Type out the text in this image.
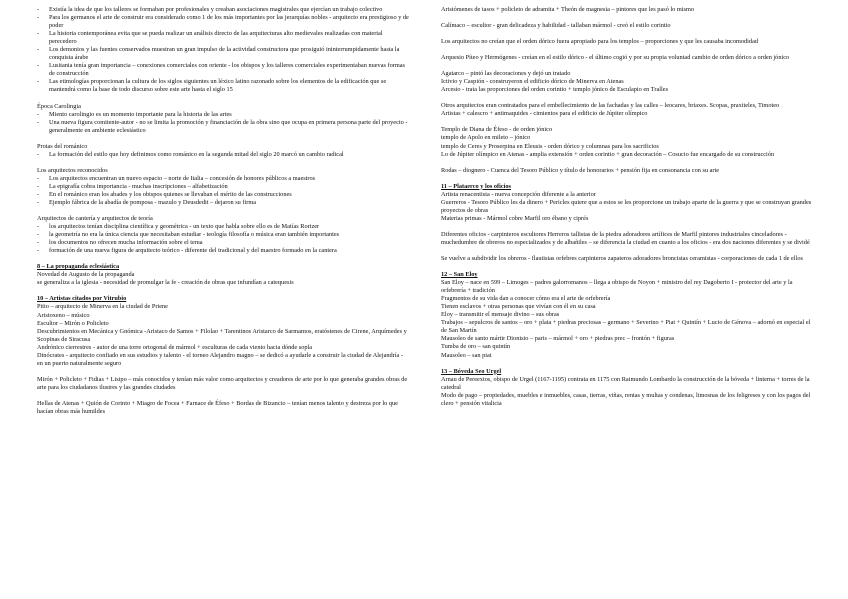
- Existía la idea de que los talleres se formaban por profesionales y creaban asociaciones magistrales que ejercían un trabajo colectivo
- Para los germanos el arte de construir era considerado como 1 de los más importantes por las jerarquías nobles - arquitecto era prestigioso y de poder
- La historia contemporánea evita que se pueda realizar un análisis directo de las arquitecturas alto medievales realizadas con material perecedero
- Los demonios y las fuentes conservados muestran un gran impulso de la actividad constructora que prosiguió ininterrumpidamente hasta la conquista árabe
- Lusitania tenía gran importancia – conexiones comerciales con oriente - los obispos y los talleres comerciales experimentaban nuevas formas de construcción
- Las etimologías proporcionan la cultura de los siglos siguientes un léxico latino razonado sobre los elementos de la edificación que se mantendrá como la base de todo discurso sobre este arte hasta el siglo 15

Época Carolingia

- Miento carolingio es un momento importante para la historia de las artes
- Una nueva figura comitente-autor - no se limita la promoción y financiación de la obra sino que ocupa en primera persona parte del proyecto - generalmente en ambiente eclesiástico

Protas del románico

- La formación del estilo que hoy definimos como románico en la segunda mitad del siglo 20 marcó un cambio radical

Los arquitectos reconocidos

- Los arquitectos encuentran un nuevo espacio – norte de Italia – concesión de honores públicos a maestros
- La epigrafía cobra importancia - muchas inscripciones – alfabetización
- En el románico eran los abades y los obispos quienes se llevaban el mérito de las construcciones
- Ejemplo fábrica de la abadía de pomposa - mazulo y Deusdedit – dejaron su firma

Arquitectos de cantería y arquitectos de teoría

- los arquitectos tenían disciplina científica y geométrica - un texto que habla sobre ello es de Matías Rorizer
- la geometría no era la única ciencia que necesitaban estudiar - teología filosofía o música eran también importantes
- los documentos no ofrecen mucha información sobre el tema
- formación de una nueva figura de arquitecto teórico - diferente del tradicional y del maestro formado en la cantera

8 – La propaganda eclesiástica

Novedad de Augusto de la propaganda

se generaliza a la iglesia - necesidad de promulgar la fe - creación de obras que infundían a catequesis

10 – Artistas citados por Vitrubio

Pitio – arquitecto de Minerva en la ciudad de Priene

Aristoxeno – músico

Escultor – Mirón o Policleto

Descubrimientos en Mecánica y Gnómica -Aristaco de Samos + Filolao + Tarentinos Aristarco de Sarmamos, eratóstenes de Cirene, Arquímedes y Scopinas de Siracusa

Andrónico cierrestres - autor de una torre ortogonal de mármol + esculturas de cada viento hacia dónde sopla

Dinócrates - arquitecto confiado en sus estudios y talento - el torneo Alejandro magno – se dedicó a ayudarle a construir la ciudad de Alejandría - en un puerto naturalmente seguro

Mirón + Policleto + Fidias + Lisipo – más conocidos y tenían más valor como arquitectos y creadores de arte por lo que generaba grandes obras de arte para los ciudadanos ilustres y las grandes ciudades

Hellas de Atenas + Quión de Corinto + Miagro de Focea + Farnace de Éfeso + Bordas de Bizancio – tenían menos talento y destreza por lo que hacían obras más humildes

Aristómenes de tasos + policleto de adramita + Theón de magnesia – pintores que les pasó lo mismo

Calímaco – escultor - gran delicadeza y habilidad - tallaban mármol - creó el estilo corintio

Los arquitectos no creían que el orden dórico fuera apropiado para los templos – proporciones y que les causaba incomodidad

Arquesio Píteo y Hermógenes - creían en el estilo dórico - el último cogió y por su propia voluntad cambio de orden dórico a orden jónico

Agatarco – pintó las decoraciones y dejó un tratado

Ictivio y Caspión - construyeron el edificio dórico de Minerva en Atenas

Arcesio - trata las proporciones del orden corintio + templo jónico de Esculapio en Tralles

Otros arquitectos eran contratados para el embellecimiento de las fachadas y las calles – leocares, briaxes. Scopas, praxiteles, Timoteo

Artistas + calescro + antimaquides - cimientos para el edificio de Júpiter olímpico

Templo de Diana de Éfeso - de orden jónico

templo de Apolo en mileto – jónico

templo de Ceres y Proserpina en Eleusis - orden dórico y columnas para los sacrificios

Lo de Júpiter olímpico en Atenas - amplia extensión + orden corintio + gran decoración – Cosucio fue encargado de su construcción

Rodas – diognero - Cuenca del Tesoro Público y título de honorarios + pensión fija en consonancia con su arte

11 – Plataerco y los oficios

Artista renacentista - nueva concepción diferente a la anterior

Guerreros - Tesoro Público les da dinero + Pericles quiere que a estos se les proporcione un trabajo aparte de la guerra y que se construyan grandes proyectos de obras

Materias primas - Mármol cobre Marfil oro ébano y ciprés

Diferentes oficios - carpinteros escultores Herreros tallistas de la piedra adoradores artífices de Marfil pintores industriales cinceladores - muchedumbre de obreros no especializados y de albañiles – se diferencia la ciudad en cuanto a los oficios - era dos naciones diferentes y se dividé

Se vuelve a subdividir los obreros - flautistas orfebres carpinteros zapateros adoradores broncistas ceramistas - corporaciones de cada 1 de ellos

12 – San Eloy

San Eloy – nace en 599 – Limoges – padres galorromanos – llega a obispo de Noyon + ministro del rey Dagoberto I - protector del arte y la orfebrería + tradición

Fragmentos de su vida dan a conocer cómo era el arte de orfebrería

Tienen esclavos + otras personas que vivían con él en su casa

Eloy – transmitir el mensaje divino – sus obras

Trabajos – sepulcros de santos – oro + plata + piedras preciosas – germano + Severino + Piat + Quintín + Lucio de Génova – adornó en especial el de San Martín

Mausoleo de santo mártir Dionisio – paris – mármol + oro + piedras prec – frontón + figuras

Tumba de oro – san quintín

Mausoleo – san piat

13 – Bóveda Seo Urgel

Arnau de Pereextos, obispo de Urgel (1167-1195) contrata en 1175 con Raimundo Lombardo la construcción de la bóveda + linterna + torres de la catedral

Modo de pago – propiedades, muebles e inmuebles, casas, tierras, viñas, rentas y multas y condenas, limosnas de los feligreses y con los pagos del clero + pensión vitalicia
